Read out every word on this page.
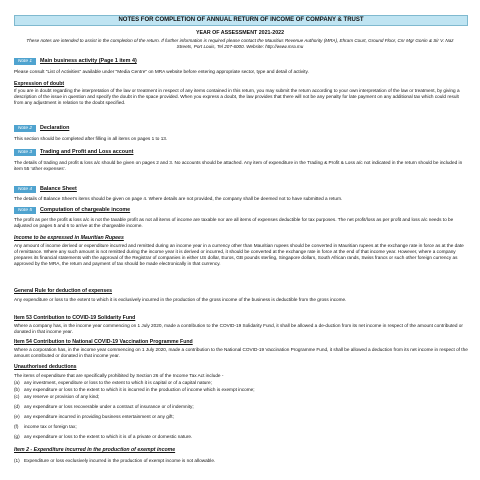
NOTES FOR COMPLETION OF ANNUAL RETURN OF INCOME OF COMPANY & TRUST
YEAR OF ASSESSMENT 2021-2022
These notes are intended to assist in the completion of the return. If further information is required please contact the Mauritius Revenue Authority (MRA), Ehram Court, Ground Floor, Cnr Mgr Gonin & Sir V. Naz Streets, Port Louis, Tel 207-6000. Website: http://www.mra.mu
Note 1	Main business activity (Page 1 item 4)
Please consult "List of Activities" available under "Media Centre" on MRA website before entering appropriate sector, type and detail of activity.
Expression of doubt
If you are in doubt regarding the interpretation of the law or treatment in respect of any items contained in this return, you may submit the return according to your own interpretation of the law or treatment, by giving a description of the issue in question and specify the doubt in the space provided. When you express a doubt, the law provides that there will not be any penalty for late payment on any additional tax which could result from any adjustment in relation to the doubt specified.
Note 2	Declaration
This section should be completed after filling in all items on pages 1 to 13.
Note 3	Trading and Profit and Loss account
The details of trading and profit & loss a/c should be given on pages 2 and 3. No accounts should be attached. Any item of expenditure in the Trading & Profit & Loss a/c not indicated in the return should be included in item 55 'other expenses'.
Note 4	Balance Sheet
The details of Balance Sheet's items should be given on page 4. Where details are not provided, the company shall be deemed not to have submitted a return.
Note 5	Computation of chargeable income
The profit as per the profit & loss a/c is not the taxable profit as not all items of income are taxable nor are all items of expenses deductible for tax purposes. The net profit/loss as per profit and loss a/c needs to be adjusted on pages 5 and 6 to arrive at the chargeable income.
Income to be expressed in Mauritian Rupees
Any amount of income derived or expenditure incurred and remitted during an income year in a currency other than Mauritian rupees should be converted in Mauritian rupees at the exchange rate in force as at the date of remittance. Where any such amount is not remitted during the income year it is derived or incurred, it should be converted at the exchange rate in force at the end of that income year. However, where a company prepares its financial statements with the approval of the Registrar of companies in either US dollar, Euros, GB pounds sterling, Singapore dollars, South African rands, Swiss francs or such other foreign currency as approved by the MRA, the return and payment of tax should be made electronically in that currency.
General Rule for deduction of expenses
Any expenditure or loss to the extent to which it is exclusively incurred in the production of the gross income of the business is deductible from the gross income.
Item 53 Contribution to COVID-19 Solidarity Fund
Where a company has, in the income year commencing on 1 July 2020, made a contribution to the COVID-19 Solidarity Fund, it shall be allowed a de-duction from its net income in respect of the amount contributed or donated in that income year.
Item 54 Contribution to National COVID-19 Vaccination Programme Fund
Where a corporation has, in the income year commencing on 1 July 2020, made a contribution to the National COVID-19 Vaccination Programme Fund, it shall be allowed a deduction from its net income in respect of the amount contributed or donated in that income year.
Unauthorised deductions
The items of expenditure that are specifically prohibited by Section 26 of the Income Tax Act include -
(a) any investment, expenditure or loss to the extent to which it is capital or of a capital nature;
(b) any expenditure or loss to the extent to which it is incurred in the production of income which is exempt income;
(c) any reserve or provision of any kind;
(d) any expenditure or loss recoverable under a contract of insurance or of indemnity;
(e) any expenditure incurred in providing business entertainment or any gift;
(f) income tax or foreign tax;
(g) any expenditure or loss to the extent to which it is of a private or domestic nature.
Item 2 - Expenditure incurred in the production of exempt income
(1) Expenditure or loss exclusively incurred in the production of exempt income is not allowable.
